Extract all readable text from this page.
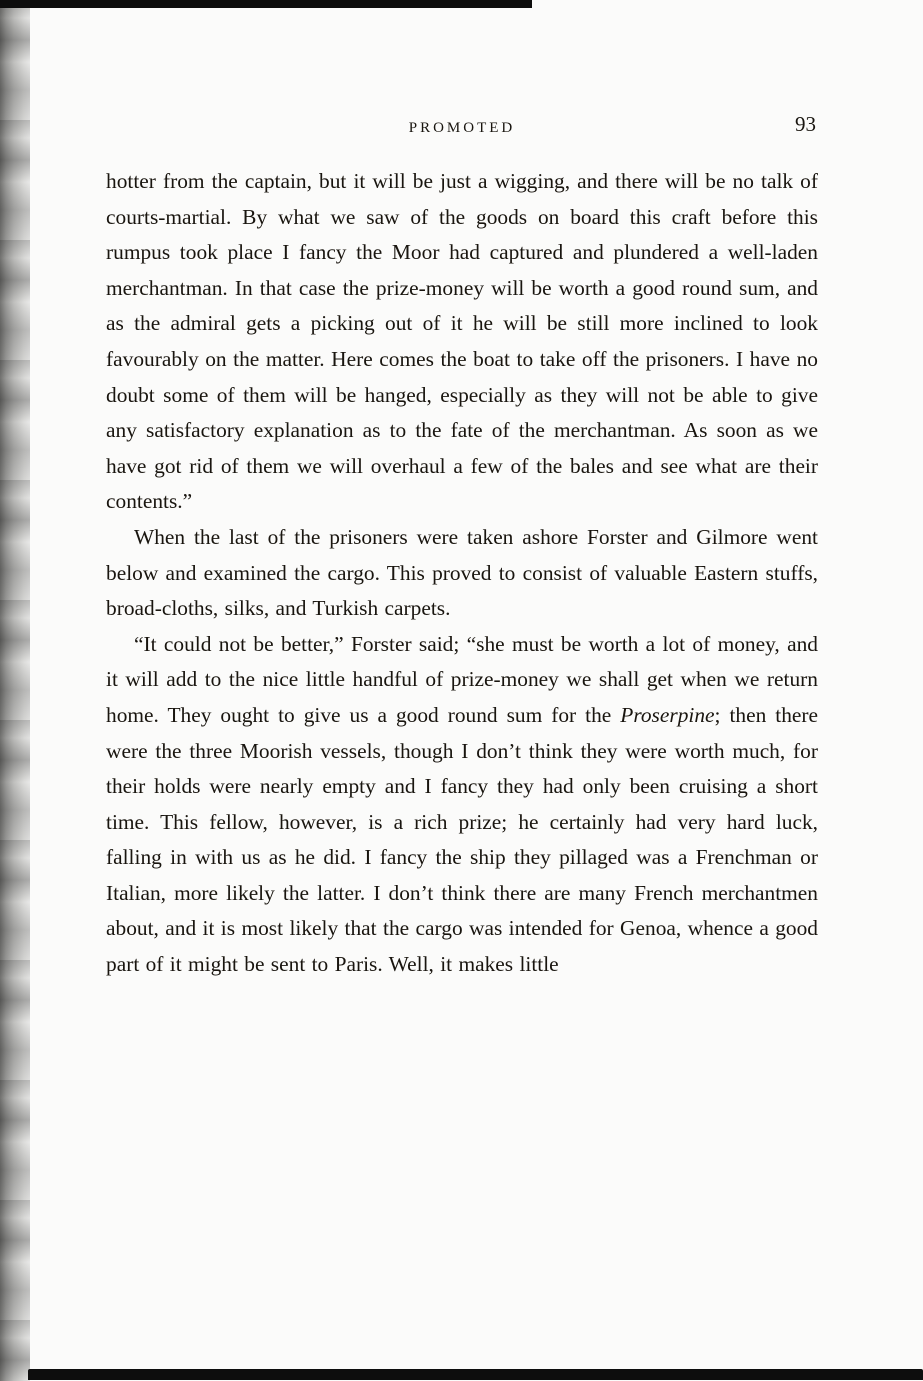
PROMOTED	93

hotter from the captain, but it will be just a wigging, and there will be no talk of courts-martial. By what we saw of the goods on board this craft before this rumpus took place I fancy the Moor had captured and plundered a well-laden merchantman. In that case the prize-money will be worth a good round sum, and as the admiral gets a picking out of it he will be still more inclined to look favourably on the matter. Here comes the boat to take off the prisoners. I have no doubt some of them will be hanged, especially as they will not be able to give any satisfactory explanation as to the fate of the merchantman. As soon as we have got rid of them we will overhaul a few of the bales and see what are their contents.”

When the last of the prisoners were taken ashore Forster and Gilmore went below and examined the cargo. This proved to consist of valuable Eastern stuffs, broad-cloths, silks, and Turkish carpets.

“It could not be better,” Forster said; “she must be worth a lot of money, and it will add to the nice little handful of prize-money we shall get when we return home. They ought to give us a good round sum for the Proserpine; then there were the three Moorish vessels, though I don’t think they were worth much, for their holds were nearly empty and I fancy they had only been cruising a short time. This fellow, however, is a rich prize; he certainly had very hard luck, falling in with us as he did. I fancy the ship they pillaged was a Frenchman or Italian, more likely the latter. I don’t think there are many French merchantmen about, and it is most likely that the cargo was intended for Genoa, whence a good part of it might be sent to Paris. Well, it makes little
